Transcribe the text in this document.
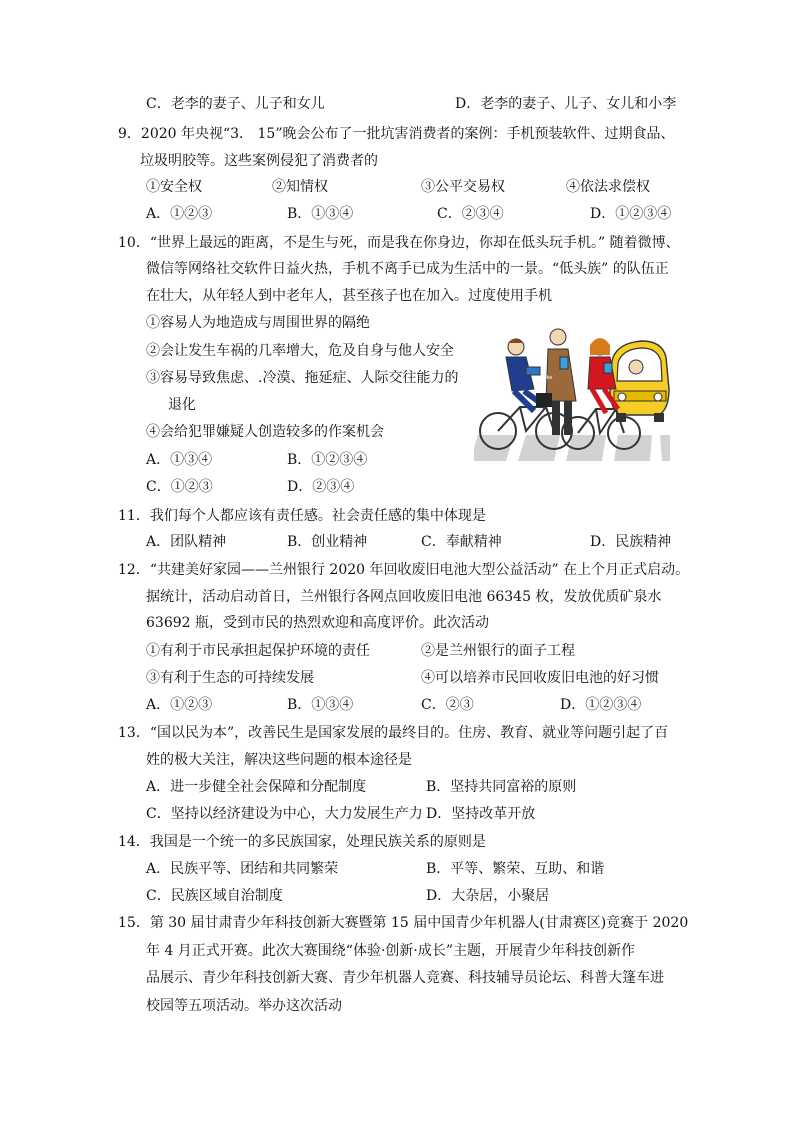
C．老李的妻子、儿子和女儿	D．老李的妻子、儿子、女儿和小李
9．2020 年央视“3． 15”晚会公布了一批坑害消费者的案例：手机预装软件、过期食品、
垃圾明胶等。这些案例侵犯了消费者的
①安全权	②知情权	③公平交易权	④依法求偿权
A．①②③	B．①③④	C．②③④	D．①②③④
10．“世界上最远的距离，不是生与死，而是我在你身边，你却在低头玩手机。” 随着微博、
微信等网络社交软件日益火热，手机不离手已成为生活中的一景。“低头族” 的队伍正
在壮大，从年轻人到中老年人，甚至孩子也在加入。过度使用手机
①容易人为地造成与周围世界的隔绝
②会让发生车祸的几率增大，危及自身与他人安全
③容易导致焦虑、.冷漠、拖延症、人际交往能力的
退化
④会给犯罪嫌疑人创造较多的作案机会
A．①③④	B．①②③④
C．①②③	D．②③④
ngxbke
11．我们每个人都应该有责任感。社会责任感的集中体现是
A．团队精神	B．创业精神	C．奉献精神	D．民族精神
12．“共建美好家园——兰州银行 2020 年回收废旧电池大型公益活动” 在上个月正式启动。
据统计，活动启动首日，兰州银行各网点回收废旧电池 66345 枚，发放优质矿泉水
63692 瓶，受到市民的热烈欢迎和高度评价。此次活动
①有利于市民承担起保护环境的责任	②是兰州银行的面子工程
③有利于生态的可持续发展	④可以培养市民回收废旧电池的好习惯
A．①②③	B．①③④	C．②③	D．①②③④
13．“国以民为本”，改善民生是国家发展的最终目的。住房、教育、就业等问题引起了百
姓的极大关注，解决这些问题的根本途径是
A．进一步健全社会保障和分配制度	B．坚持共同富裕的原则
C．坚持以经济建设为中心，大力发展生产力 D．坚持改革开放
14．我国是一个统一的多民族国家，处理民族关系的原则是
A．民族平等、团结和共同繁荣	B．平等、繁荣、互助、和谐
C．民族区域自治制度	D．大杂居，小聚居
15．第 30 届甘肃青少年科技创新大赛暨第 15 届中国青少年机器人(甘肃赛区)竞赛于 2020
年 4 月正式开赛。此次大赛围绕“体验·创新·成长”主题，开展青少年科技创新作
品展示、青少年科技创新大赛、青少年机器人竞赛、科技辅导员论坛、科普大篷车进
校园等五项活动。举办这次活动
